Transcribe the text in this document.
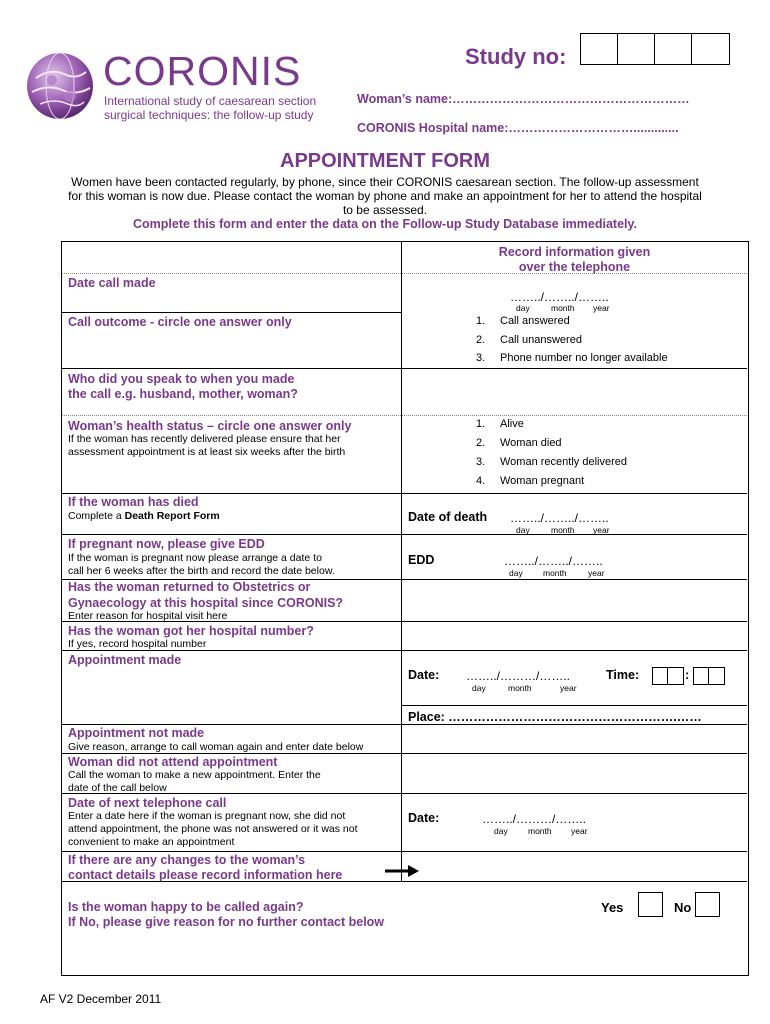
CORONIS
International study of caesarean section
surgical techniques: the follow-up study
Study no:
Woman’s name:…………………………………………………
CORONIS Hospital name:………………………….............
APPOINTMENT FORM
Women have been contacted regularly, by phone, since their CORONIS caesarean section. The follow-up assessment
for this woman is now due. Please contact the woman by phone and make an appointment for her to attend the hospital
to be assessed.
Complete this form and enter the data on the Follow-up Study Database immediately.
Record information given
over the telephone
Date call made
……../……../……..
day	month year
Call outcome - circle one answer only	1. Call answered
2. Call unanswered
3. Phone number no longer available
Who did you speak to when you made
the call e.g. husband, mother, woman?
Woman’s health status – circle one answer only
If the woman has recently delivered please ensure that her
assessment appointment is at least six weeks after the birth
1. Alive
2. Woman died
3. Woman recently delivered
4. Woman pregnant
If the woman has died
Complete a Death Report Form	Date of death ……../……../……..
day	month year
If pregnant now, please give EDD
If the woman is pregnant now please arrange a date to
call her 6 weeks after the birth and record the date below.
EDD	……../……../……..
day month	year
Has the woman returned to Obstetrics or
Gynaecology at this hospital since CORONIS?
Enter reason for hospital visit here
Has the woman got her hospital number?
If yes, record hospital number
Appointment made
Date: ……../………/……..
day	month	year
Time:	:
Place: ……………………………………………….……
Appointment not made
Give reason, arrange to call woman again and enter date below
Woman did not attend appointment
Call the woman to make a new appointment. Enter the
date of the call below
Date of next telephone call
Enter a date here if the woman is pregnant now, she did not
attend appointment, the phone was not answered or it was not
convenient to make an appointment
Date:	……../………/……..
day month year
If there are any changes to the woman’s
contact details please record information here
Is the woman happy to be called again?
If No, please give reason for no further contact below
Yes	No
AF V2 December 2011
